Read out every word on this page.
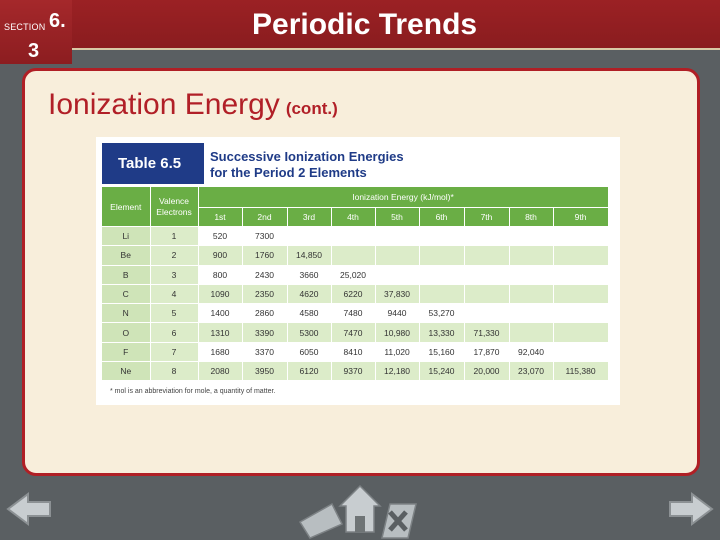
SECTION 6.
3
Periodic Trends
Ionization Energy (cont.)
Table 6.5	Successive Ionization Energies
for the Period 2 Elements
Element	Valence Electrons	Ionization Energy (kJ/mol)*								
		1st	2nd	3rd	4th	5th	6th	7th	8th	9th
Li	1	520	7300							
Be	2	900	1760	14,850						
B	3	800	2430	3660	25,020					
C	4	1090	2350	4620	6220	37,830				
N	5	1400	2860	4580	7480	9440	53,270			
O	6	1310	3390	5300	7470	10,980	13,330	71,330		
F	7	1680	3370	6050	8410	11,020	15,160	17,870	92,040	
Ne	8	2080	3950	6120	9370	12,180	15,240	20,000	23,070	115,380
* mol is an abbreviation for mole, a quantity of matter.
